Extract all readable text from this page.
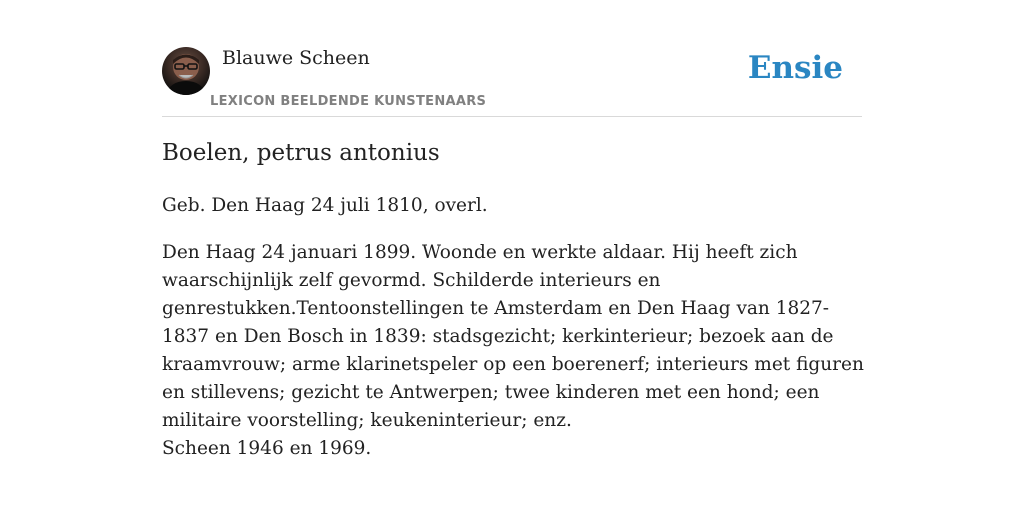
Blauwe Scheen
LEXICON BEELDENDE KUNSTENAARS
Ensie
Boelen, petrus antonius

Geb. Den Haag 24 juli 1810, overl.

Den Haag 24 januari 1899. Woonde en werkte aldaar. Hij heeft zich waarschijnlijk zelf gevormd. Schilderde interieurs en genrestukken.Tentoonstellingen te Amsterdam en Den Haag van 1827-1837 en Den Bosch in 1839: stadsgezicht; kerkinterieur; bezoek aan de kraamvrouw; arme klarinetspeler op een boerenerf; interieurs met figuren en stillevens; gezicht te Antwerpen; twee kinderen met een hond; een militaire voorstelling; keukeninterieur; enz.

Scheen 1946 en 1969.
